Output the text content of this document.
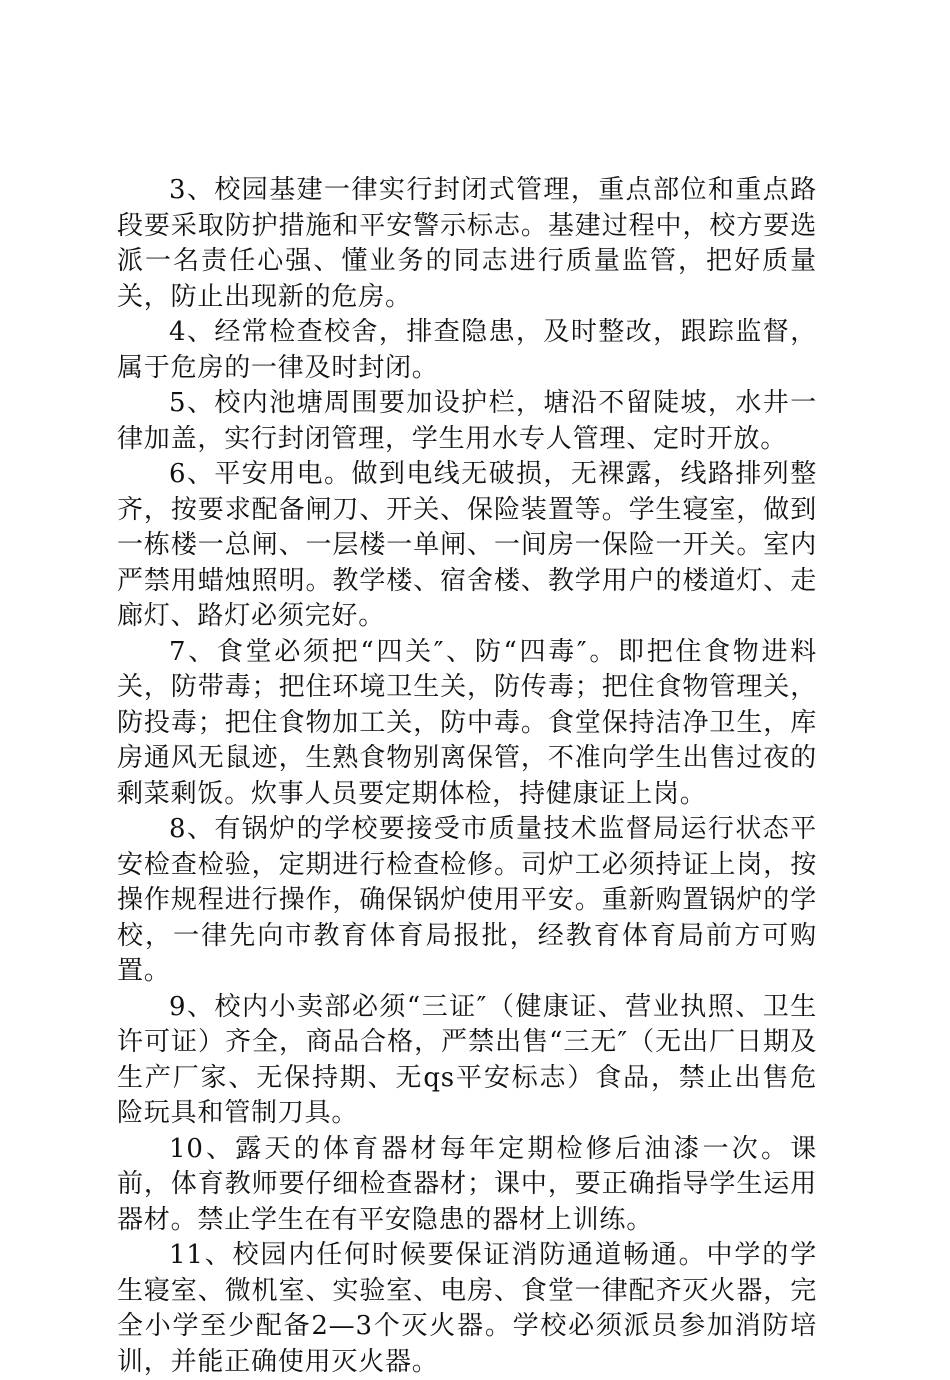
3、校园基建一律实行封闭式管理，重点部位和重点路段要采取防护措施和平安警示标志。基建过程中，校方要选派一名责任心强、懂业务的同志进行质量监管，把好质量关，防止出现新的危房。

4、经常检查校舍，排查隐患，及时整改，跟踪监督，属于危房的一律及时封闭。

5、校内池塘周围要加设护栏，塘沿不留陡坡，水井一律加盖，实行封闭管理，学生用水专人管理、定时开放。

6、平安用电。做到电线无破损，无裸露，线路排列整齐，按要求配备闸刀、开关、保险装置等。学生寝室，做到一栋楼一总闸、一层楼一单闸、一间房一保险一开关。室内严禁用蜡烛照明。教学楼、宿舍楼、教学用户的楼道灯、走廊灯、路灯必须完好。

7、食堂必须把“四关″、防“四毒″。即把住食物进料关，防带毒；把住环境卫生关，防传毒；把住食物管理关，防投毒；把住食物加工关，防中毒。食堂保持洁净卫生，库房通风无鼠迹，生熟食物别离保管，不准向学生出售过夜的剩菜剩饭。炊事人员要定期体检，持健康证上岗。

8、有锅炉的学校要接受市质量技术监督局运行状态平安检查检验，定期进行检查检修。司炉工必须持证上岗，按操作规程进行操作，确保锅炉使用平安。重新购置锅炉的学校，一律先向市教育体育局报批，经教育体育局前方可购置。

9、校内小卖部必须“三证″（健康证、营业执照、卫生许可证）齐全，商品合格，严禁出售“三无″（无出厂日期及生产厂家、无保持期、无qs平安标志）食品，禁止出售危险玩具和管制刀具。

10、露天的体育器材每年定期检修后油漆一次。课前，体育教师要仔细检查器材；课中，要正确指导学生运用器材。禁止学生在有平安隐患的器材上训练。

11、校园内任何时候要保证消防通道畅通。中学的学生寝室、微机室、实验室、电房、食堂一律配齐灭火器，完全小学至少配备2—3个灭火器。学校必须派员参加消防培训，并能正确使用灭火器。
